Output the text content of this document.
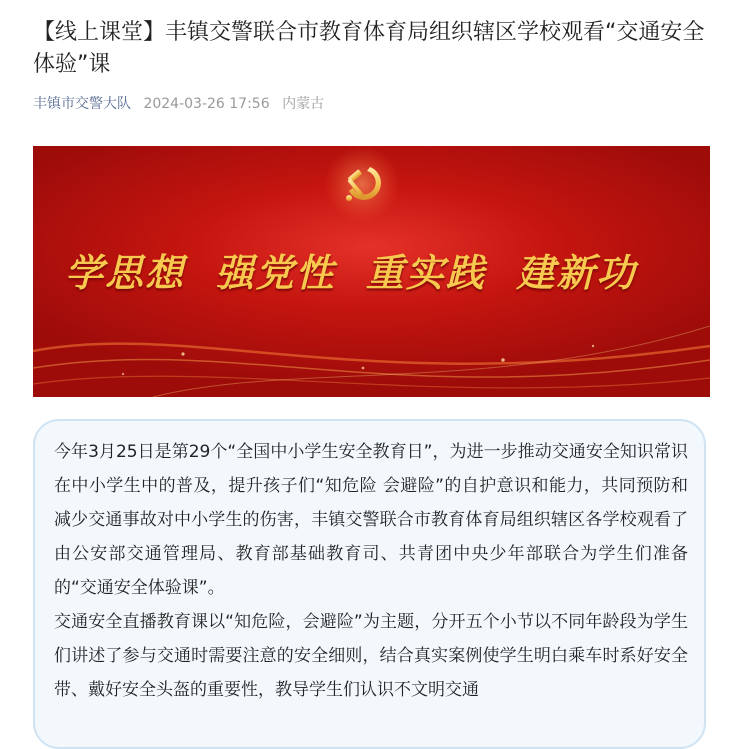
【线上课堂】丰镇交警联合市教育体育局组织辖区学校观看“交通安全体验”课
丰镇市交警大队 2024-03-26 17:56 内蒙古
学思想  强党性  重实践  建新功

今年3月25日是第29个“全国中小学生安全教育日”，为进一步推动交通安全知识常识在中小学生中的普及，提升孩子们“知危险 会避险”的自护意识和能力，共同预防和减少交通事故对中小学生的伤害，丰镇交警联合市教育体育局组织辖区各学校观看了由公安部交通管理局、教育部基础教育司、共青团中央少年部联合为学生们准备的“交通安全体验课”。

交通安全直播教育课以“知危险，会避险”为主题，分开五个小节以不同年龄段为学生们讲述了参与交通时需要注意的安全细则，结合真实案例使学生明白乘车时系好安全带、戴好安全头盔的重要性，教导学生们认识不文明交通
